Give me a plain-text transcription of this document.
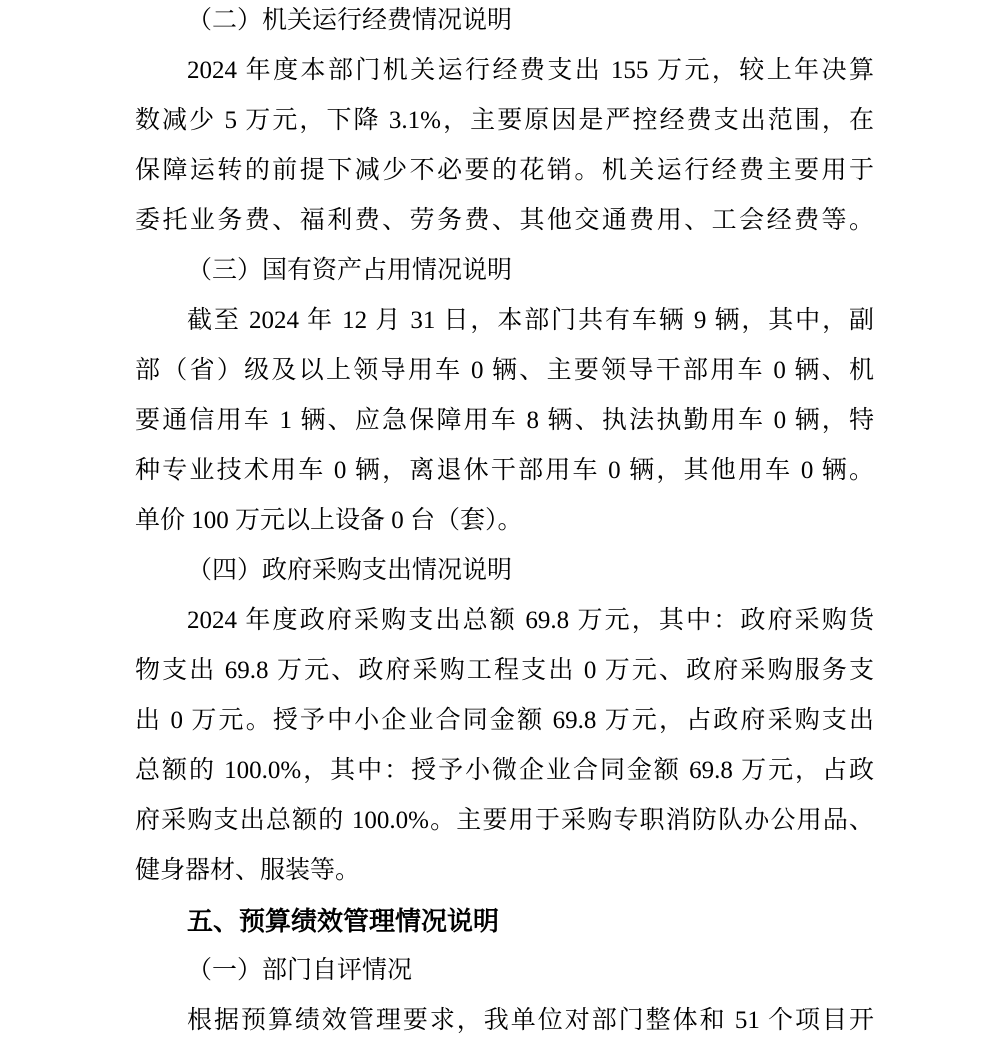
（二）机关运行经费情况说明
2024 年度本部门机关运行经费支出 155 万元，较上年决算
数减少 5 万元，下降 3.1%，主要原因是严控经费支出范围，在
保障运转的前提下减少不必要的花销。机关运行经费主要用于
委托业务费、福利费、劳务费、其他交通费用、工会经费等。
（三）国有资产占用情况说明
截至 2024 年 12 月 31 日，本部门共有车辆 9 辆，其中，副
部（省）级及以上领导用车 0 辆、主要领导干部用车 0 辆、机
要通信用车 1 辆、应急保障用车 8 辆、执法执勤用车 0 辆，特
种专业技术用车 0 辆，离退休干部用车 0 辆，其他用车 0 辆。
单价 100 万元以上设备 0 台（套）。
（四）政府采购支出情况说明
2024 年度政府采购支出总额 69.8 万元，其中：政府采购货
物支出 69.8 万元、政府采购工程支出 0 万元、政府采购服务支
出 0 万元。授予中小企业合同金额 69.8 万元，占政府采购支出
总额的 100.0%，其中：授予小微企业合同金额 69.8 万元，占政
府采购支出总额的 100.0%。主要用于采购专职消防队办公用品、
健身器材、服装等。
五、预算绩效管理情况说明
（一）部门自评情况
根据预算绩效管理要求，我单位对部门整体和 51 个项目开
